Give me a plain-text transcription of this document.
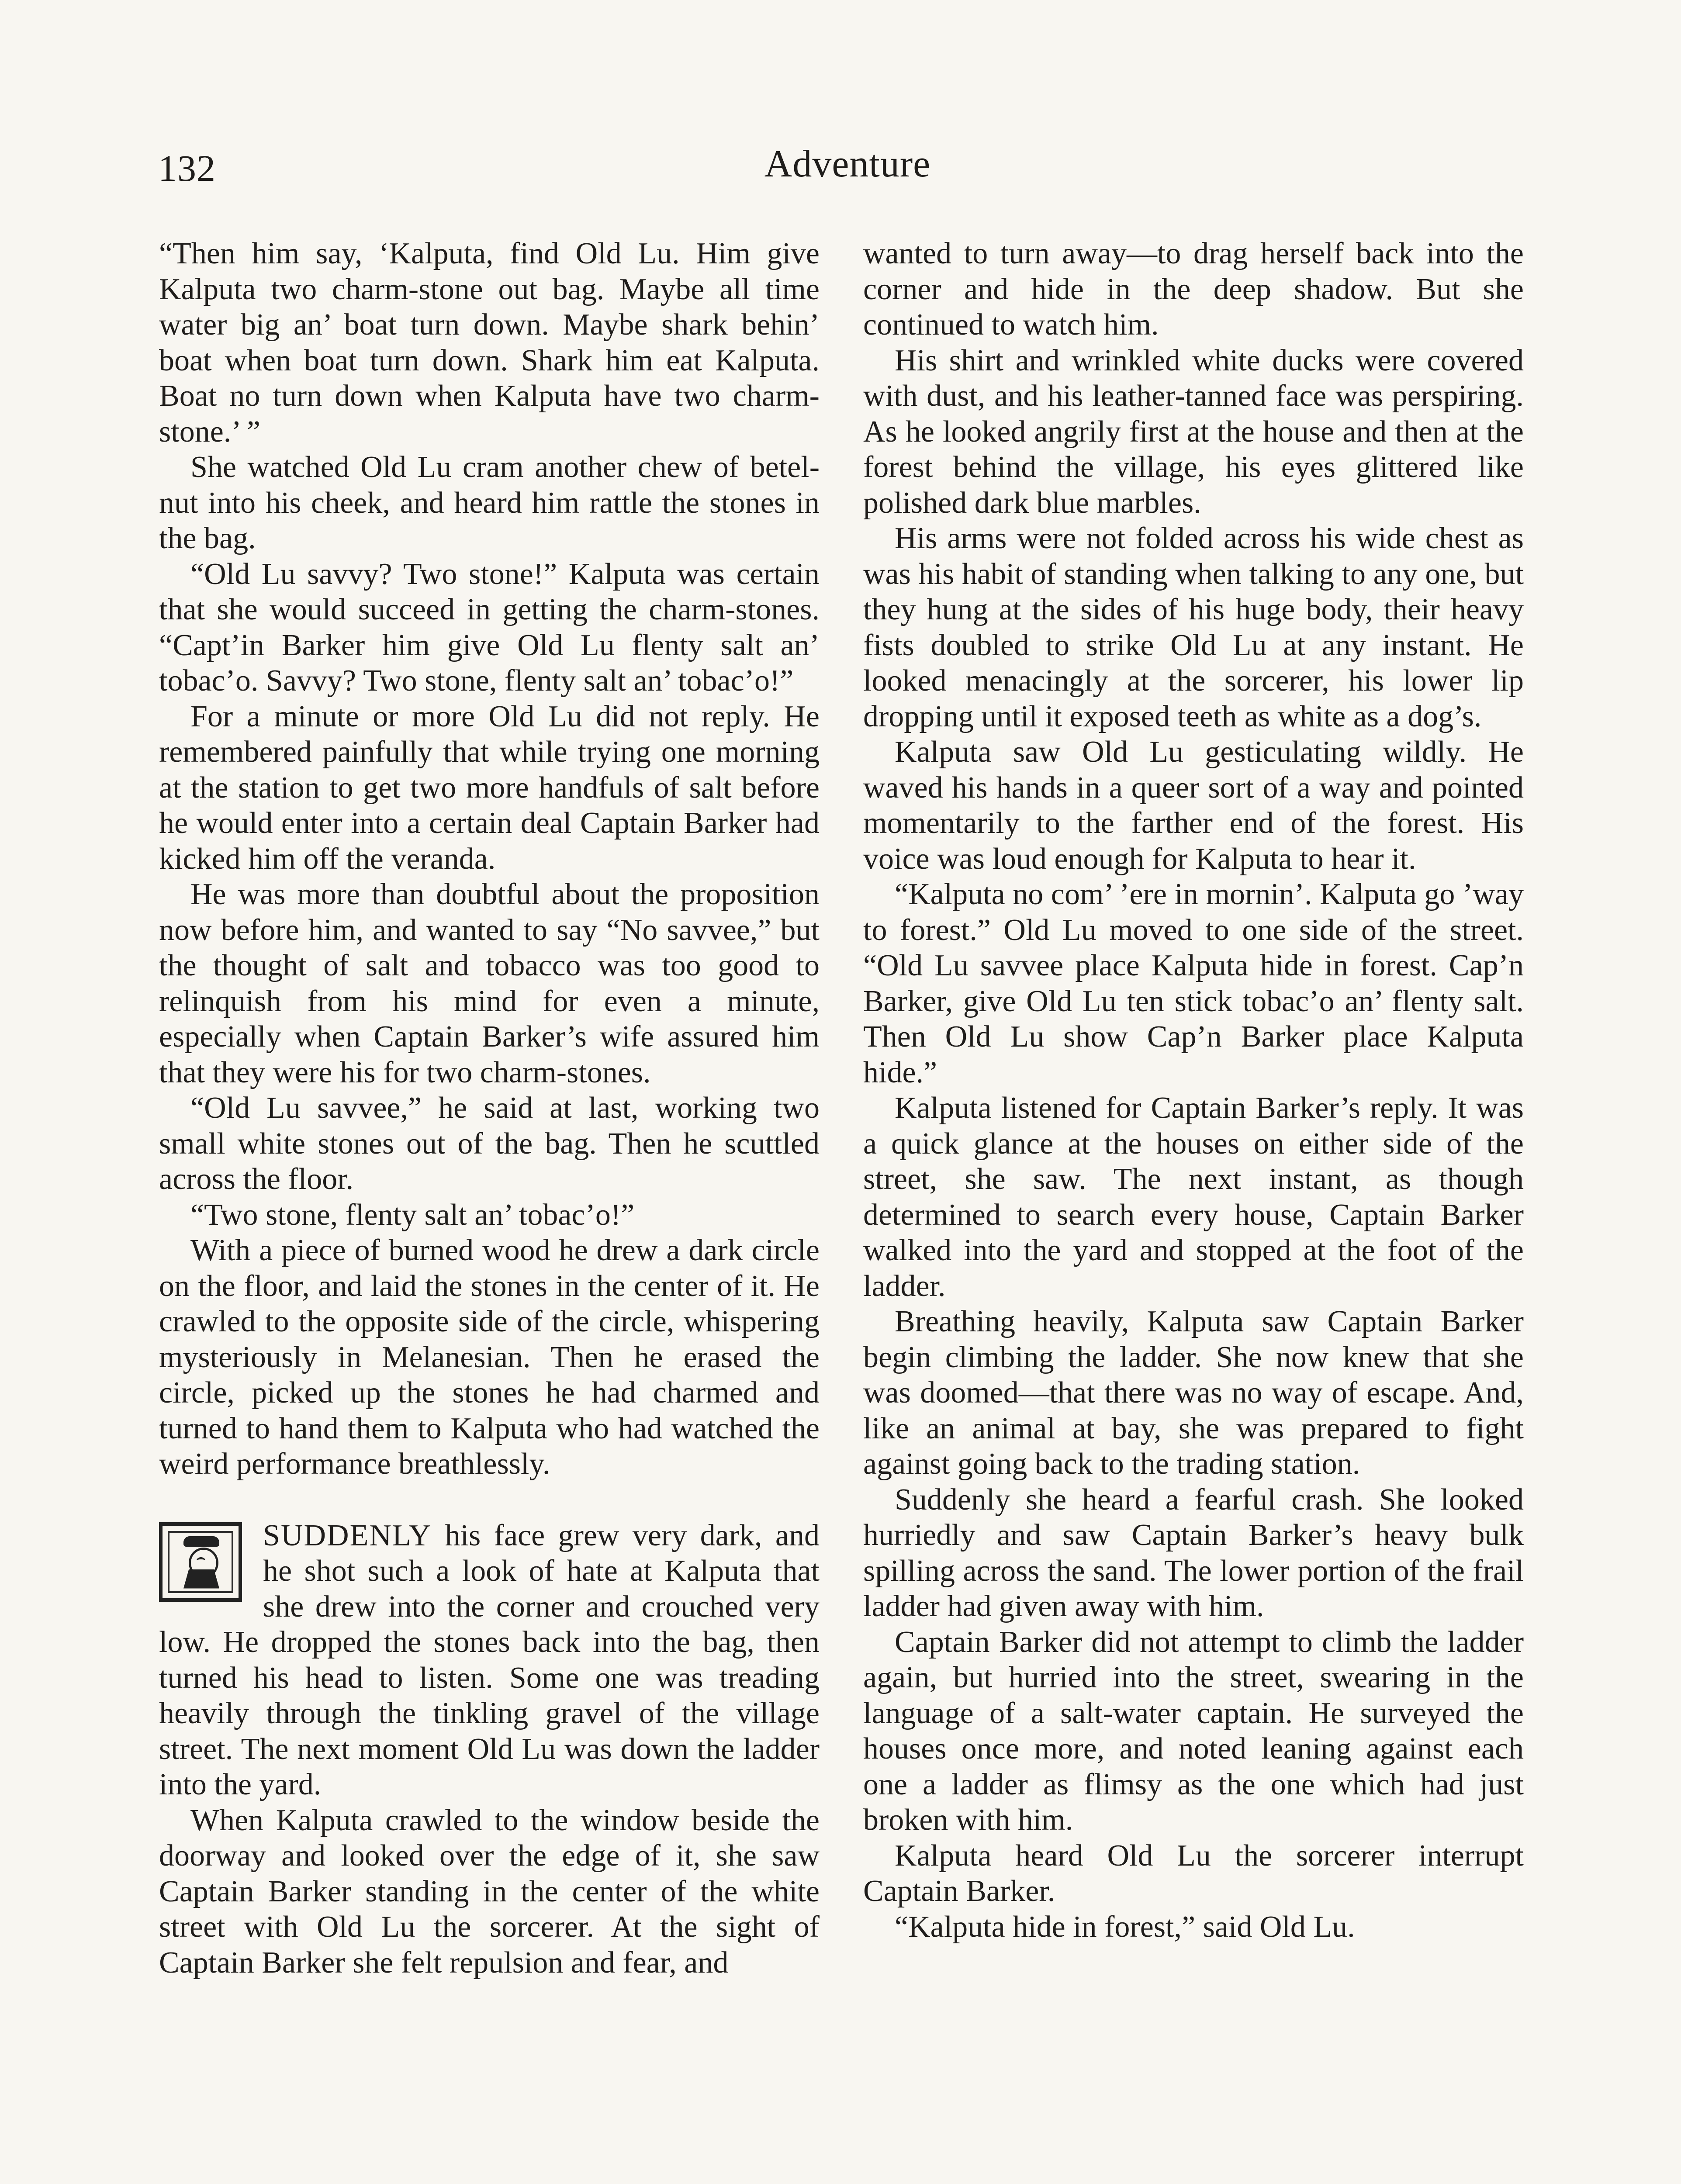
132	Adventure

“Then him say, ‘Kalputa, find Old Lu. Him give Kalputa two charm-stone out bag. Maybe all time water big an’ boat turn down. Maybe shark behin’ boat when boat turn down. Shark him eat Kalputa. Boat no turn down when Kalputa have two charm-stone.’ ”

She watched Old Lu cram another chew of betel-nut into his cheek, and heard him rattle the stones in the bag.

“Old Lu savvy? Two stone!” Kalputa was certain that she would succeed in getting the charm-stones. “Capt’in Barker him give Old Lu flenty salt an’ tobac’o. Savvy? Two stone, flenty salt an’ tobac’o!”

For a minute or more Old Lu did not reply. He remembered painfully that while trying one morning at the station to get two more handfuls of salt before he would enter into a certain deal Captain Barker had kicked him off the veranda.

He was more than doubtful about the proposition now before him, and wanted to say “No savvee,” but the thought of salt and tobacco was too good to relinquish from his mind for even a minute, especially when Captain Barker’s wife assured him that they were his for two charm-stones.

“Old Lu savvee,” he said at last, working two small white stones out of the bag. Then he scuttled across the floor.

“Two stone, flenty salt an’ tobac’o!”

With a piece of burned wood he drew a dark circle on the floor, and laid the stones in the center of it. He crawled to the opposite side of the circle, whispering mysteriously in Melanesian. Then he erased the circle, picked up the stones he had charmed and turned to hand them to Kalputa who had watched the weird performance breathlessly.

SUDDENLY his face grew very dark, and he shot such a look of hate at Kalputa that she drew into the corner and crouched very low. He dropped the stones back into the bag, then turned his head to listen. Some one was treading heavily through the tinkling gravel of the village street. The next moment Old Lu was down the ladder into the yard.

When Kalputa crawled to the window beside the doorway and looked over the edge of it, she saw Captain Barker standing in the center of the white street with Old Lu the sorcerer. At the sight of Captain Barker she felt repulsion and fear, and

wanted to turn away—to drag herself back into the corner and hide in the deep shadow. But she continued to watch him.

His shirt and wrinkled white ducks were covered with dust, and his leather-tanned face was perspiring. As he looked angrily first at the house and then at the forest behind the village, his eyes glittered like polished dark blue marbles.

His arms were not folded across his wide chest as was his habit of standing when talking to any one, but they hung at the sides of his huge body, their heavy fists doubled to strike Old Lu at any instant. He looked menacingly at the sorcerer, his lower lip dropping until it exposed teeth as white as a dog’s.

Kalputa saw Old Lu gesticulating wildly. He waved his hands in a queer sort of a way and pointed momentarily to the farther end of the forest. His voice was loud enough for Kalputa to hear it.

“Kalputa no com’ ’ere in mornin’. Kalputa go ’way to forest.” Old Lu moved to one side of the street. “Old Lu savvee place Kalputa hide in forest. Cap’n Barker, give Old Lu ten stick tobac’o an’ flenty salt. Then Old Lu show Cap’n Barker place Kalputa hide.”

Kalputa listened for Captain Barker’s reply. It was a quick glance at the houses on either side of the street, she saw. The next instant, as though determined to search every house, Captain Barker walked into the yard and stopped at the foot of the ladder.

Breathing heavily, Kalputa saw Captain Barker begin climbing the ladder. She now knew that she was doomed—that there was no way of escape. And, like an animal at bay, she was prepared to fight against going back to the trading station.

Suddenly she heard a fearful crash. She looked hurriedly and saw Captain Barker’s heavy bulk spilling across the sand. The lower portion of the frail ladder had given away with him.

Captain Barker did not attempt to climb the ladder again, but hurried into the street, swearing in the language of a salt-water captain. He surveyed the houses once more, and noted leaning against each one a ladder as flimsy as the one which had just broken with him.

Kalputa heard Old Lu the sorcerer interrupt Captain Barker.

“Kalputa hide in forest,” said Old Lu.
